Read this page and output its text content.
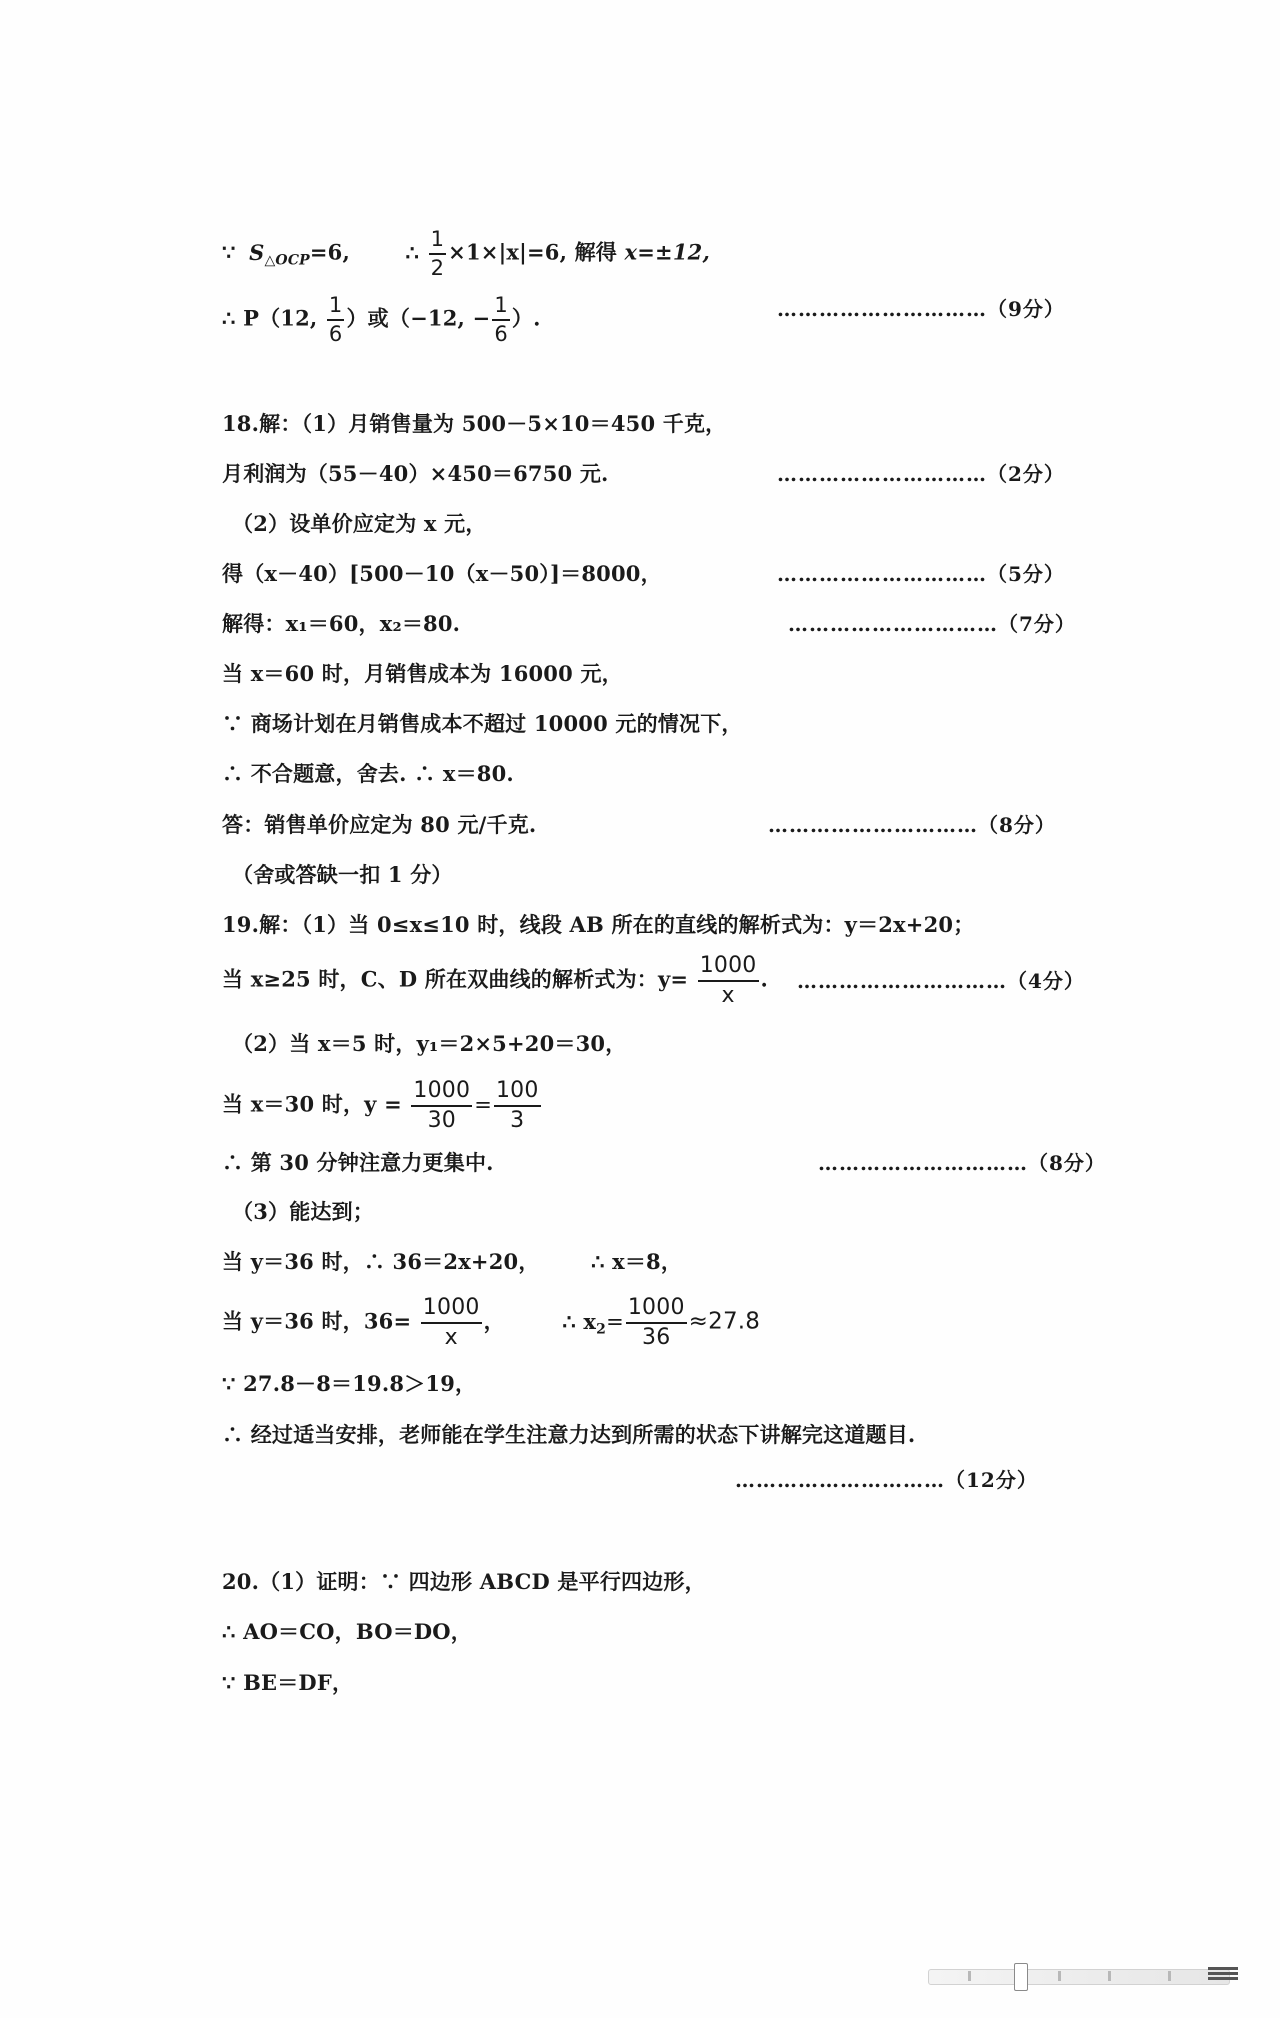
∵ $S_{\triangle OCP}=6$,	∴ $\frac{1}{2} \times 1\times|x|=6$, 解得 x=±12,
∴ P（12, $\frac{1}{6}$ ）或（−12, − $\frac{1}{6}$ ）.	…………………………（9分）
18.解：（1）月销售量为 500－5×10＝450 千克，
月利润为（55－40）×450＝6750 元.	…………………………（2分）
（2）设单价应定为 x 元，
得（x－40）[500－10（x－50）]＝8000，	…………………………（5分）
解得：x₁＝60，x₂＝80.	…………………………（7分）
当 x＝60 时，月销售成本为 16000 元，
∵ 商场计划在月销售成本不超过 10000 元的情况下，
∴ 不合题意，舍去. ∴ x＝80.
答：销售单价应定为 80 元/千克.	…………………………（8分）
（舍或答缺一扣 1 分）
19.解：（1）当 0≤x≤10 时，线段 AB 所在的直线的解析式为：y＝2x+20；
当 x≥25 时，C、D 所在双曲线的解析式为：$y= \frac{1000}{x}$ . …………………………（4分）
（2）当 x＝5 时，y₁＝2×5+20＝30，
当 x＝30 时，$y = \frac{1000}{30} = \frac{100}{3}$
∴ 第 30 分钟注意力更集中.	…………………………（8分）
（3）能达到；
当 y＝36 时，∴ 36＝2x+20， ∴ x＝8，
当 y＝36 时，$36= \frac{1000}{x}$ ，	∴ $x_2= \frac{1000}{36} \approx 27.8$
∵ 27.8－8＝19.8＞19，
∴ 经过适当安排，老师能在学生注意力达到所需的状态下讲解完这道题目.
…………………………（12分）
20.（1）证明：∵ 四边形 ABCD 是平行四边形，
∴ AO＝CO，BO＝DO，
∵ BE＝DF，
